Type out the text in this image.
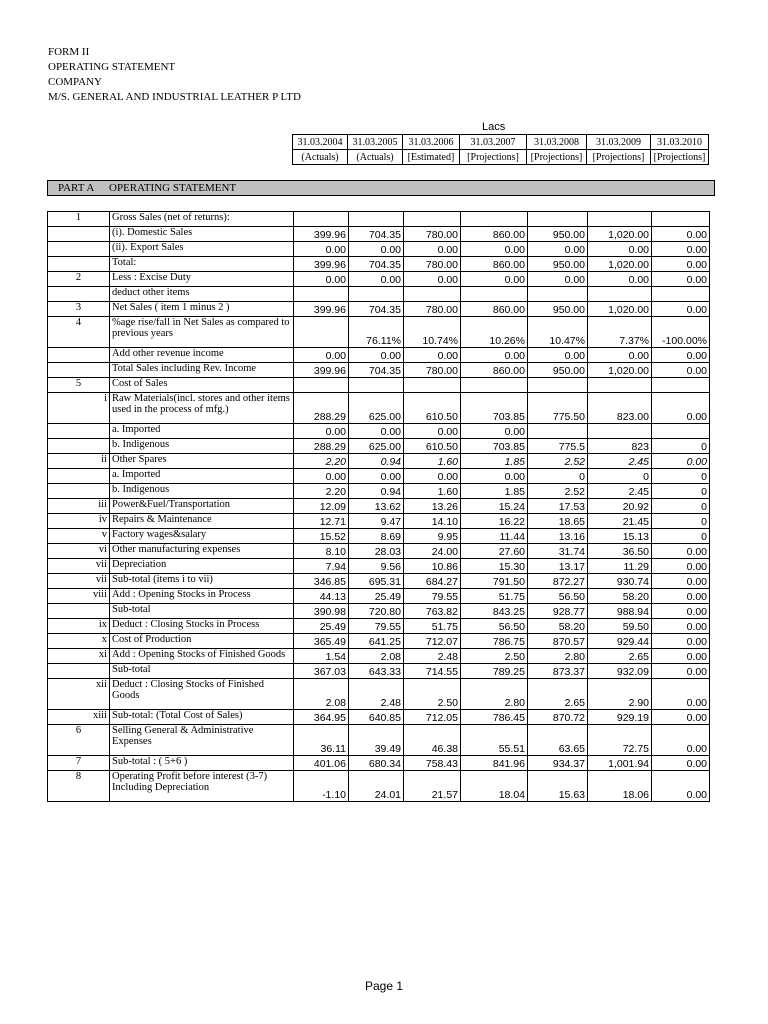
FORM II
OPERATING STATEMENT
COMPANY
M/S. GENERAL AND INDUSTRIAL LEATHER P LTD
Lacs
31.03.2004	31.03.2005	31.03.2006	31.03.2007	31.03.2008	31.03.2009	31.03.2010
(Actuals)	(Actuals)	[Estimated]	[Projections]	[Projections]	[Projections]	[Projections]
PART A OPERATING STATEMENT
1	Gross Sales (net of returns):							
	(i). Domestic Sales	399.96	704.35	780.00	860.00	950.00	1,020.00	0.00
	(ii). Export Sales	0.00	0.00	0.00	0.00	0.00	0.00	0.00
	Total:	399.96	704.35	780.00	860.00	950.00	1,020.00	0.00
2	Less : Excise Duty	0.00	0.00	0.00	0.00	0.00	0.00	0.00
	deduct other items							
3	Net Sales ( item 1 minus 2 )	399.96	704.35	780.00	860.00	950.00	1,020.00	0.00
4	%age rise/fall in Net Sales as compared to previous years		76.11%	10.74%	10.26%	10.47%	7.37%	-100.00%
	Add other revenue income	0.00	0.00	0.00	0.00	0.00	0.00	0.00
	Total Sales including Rev. Income	399.96	704.35	780.00	860.00	950.00	1,020.00	0.00
5	Cost of Sales							
i	Raw Materials(incl. stores and other items used in the process of mfg.)	288.29	625.00	610.50	703.85	775.50	823.00	0.00
	a. Imported	0.00	0.00	0.00	0.00			
	b. Indigenous	288.29	625.00	610.50	703.85	775.5	823	0
ii	Other Spares	2.20	0.94	1.60	1.85	2.52	2.45	0.00
	a. Imported	0.00	0.00	0.00	0.00	0	0	0
	b. Indigenous	2.20	0.94	1.60	1.85	2.52	2.45	0
iii	Power&Fuel/Transportation	12.09	13.62	13.26	15.24	17.53	20.92	0
iv	Repairs & Maintenance	12.71	9.47	14.10	16.22	18.65	21.45	0
v	Factory wages&salary	15.52	8.69	9.95	11.44	13.16	15.13	0
vi	Other manufacturing expenses	8.10	28.03	24.00	27.60	31.74	36.50	0.00
vii	Depreciation	7.94	9.56	10.86	15.30	13.17	11.29	0.00
vii	Sub-total (items i to vii)	346.85	695.31	684.27	791.50	872.27	930.74	0.00
viii	Add : Opening Stocks in Process	44.13	25.49	79.55	51.75	56.50	58.20	0.00
	Sub-total	390.98	720.80	763.82	843.25	928.77	988.94	0.00
ix	Deduct : Closing Stocks in Process	25.49	79.55	51.75	56.50	58.20	59.50	0.00
x	Cost of Production	365.49	641.25	712.07	786.75	870.57	929.44	0.00
xi	Add : Opening Stocks of Finished Goods	1.54	2.08	2.48	2.50	2.80	2.65	0.00
	Sub-total	367.03	643.33	714.55	789.25	873.37	932.09	0.00
xii	Deduct : Closing Stocks of Finished Goods	2.08	2.48	2.50	2.80	2.65	2.90	0.00
xiii	Sub-total: (Total Cost of Sales)	364.95	640.85	712.05	786.45	870.72	929.19	0.00
6	Selling General & Administrative Expenses	36.11	39.49	46.38	55.51	63.65	72.75	0.00
7	Sub-total : ( 5+6 )	401.06	680.34	758.43	841.96	934.37	1,001.94	0.00
8	Operating Profit before interest (3-7) Including Depreciation	-1.10	24.01	21.57	18.04	15.63	18.06	0.00
Page 1
